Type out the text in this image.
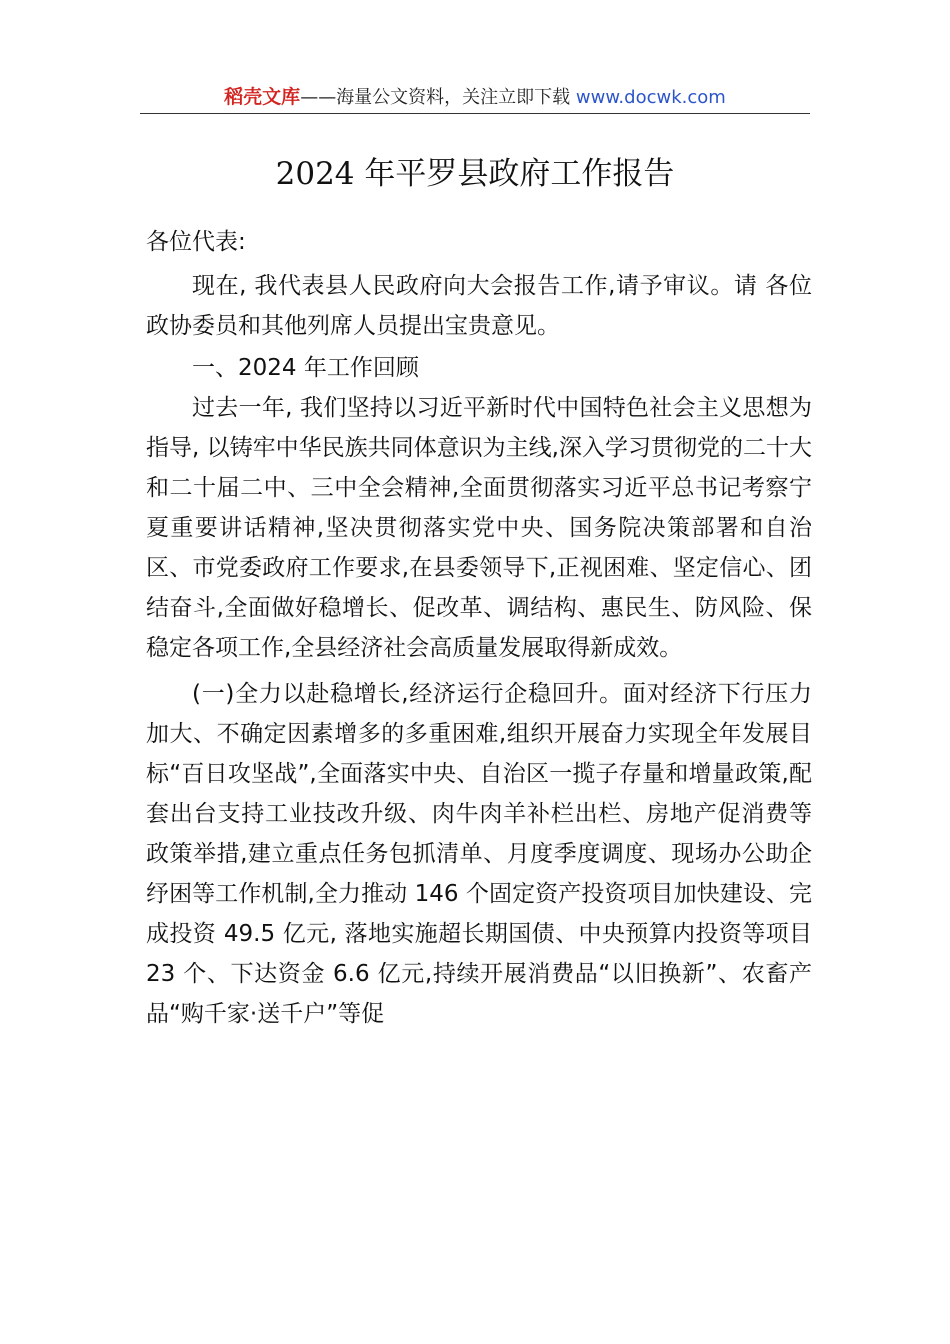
稻壳文库——海量公文资料，关注立即下载 www.docwk.com
2024 年平罗县政府工作报告

各位代表:

现在, 我代表县人民政府向大会报告工作,请予审议。请 各位政协委员和其他列席人员提出宝贵意见。

一、2024 年工作回顾

过去一年, 我们坚持以习近平新时代中国特色社会主义思想为指导, 以铸牢中华民族共同体意识为主线,深入学习贯彻党的二十大和二十届二中、三中全会精神,全面贯彻落实习近平总书记考察宁夏重要讲话精神,坚决贯彻落实党中央、国务院决策部署和自治区、市党委政府工作要求,在县委领导下,正视困难、坚定信心、团结奋斗,全面做好稳增长、促改革、调结构、惠民生、防风险、保稳定各项工作,全县经济社会高质量发展取得新成效。

(一)全力以赴稳增长,经济运行企稳回升。面对经济下行压力加大、不确定因素增多的多重困难,组织开展奋力实现全年发展目标“百日攻坚战”,全面落实中央、自治区一揽子存量和增量政策,配套出台支持工业技改升级、肉牛肉羊补栏出栏、房地产促消费等政策举措,建立重点任务包抓清单、月度季度调度、现场办公助企纾困等工作机制,全力推动 146 个固定资产投资项目加快建设、完成投资 49.5 亿元, 落地实施超长期国债、中央预算内投资等项目 23 个、下达资金 6.6 亿元,持续开展消费品“以旧换新”、农畜产品“购千家·送千户”等促
